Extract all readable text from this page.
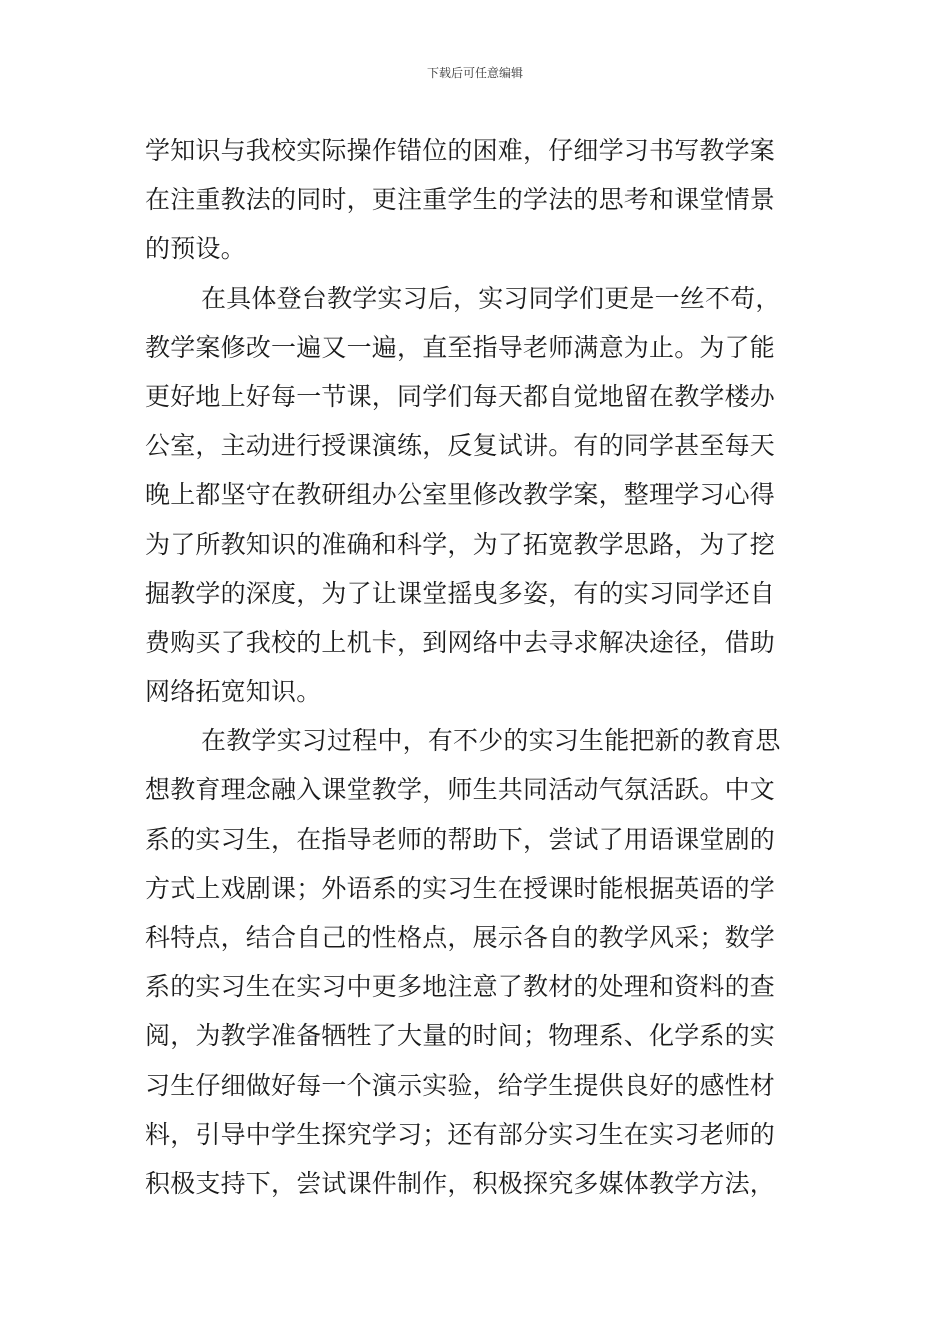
下载后可任意编辑
学知识与我校实际操作错位的困难，仔细学习书写教学案
在注重教法的同时，更注重学生的学法的思考和课堂情景
的预设。
在具体登台教学实习后，实习同学们更是一丝不苟，
教学案修改一遍又一遍，直至指导老师满意为止。为了能
更好地上好每一节课，同学们每天都自觉地留在教学楼办
公室，主动进行授课演练，反复试讲。有的同学甚至每天
晚上都坚守在教研组办公室里修改教学案，整理学习心得
为了所教知识的准确和科学，为了拓宽教学思路，为了挖
掘教学的深度，为了让课堂摇曳多姿，有的实习同学还自
费购买了我校的上机卡，到网络中去寻求解决途径，借助
网络拓宽知识。
在教学实习过程中，有不少的实习生能把新的教育思
想教育理念融入课堂教学，师生共同活动气氛活跃。中文
系的实习生，在指导老师的帮助下，尝试了用语课堂剧的
方式上戏剧课；外语系的实习生在授课时能根据英语的学
科特点，结合自己的性格点，展示各自的教学风采；数学
系的实习生在实习中更多地注意了教材的处理和资料的查
阅，为教学准备牺牲了大量的时间；物理系、化学系的实
习生仔细做好每一个演示实验，给学生提供良好的感性材
料，引导中学生探究学习；还有部分实习生在实习老师的
积极支持下，尝试课件制作，积极探究多媒体教学方法，
